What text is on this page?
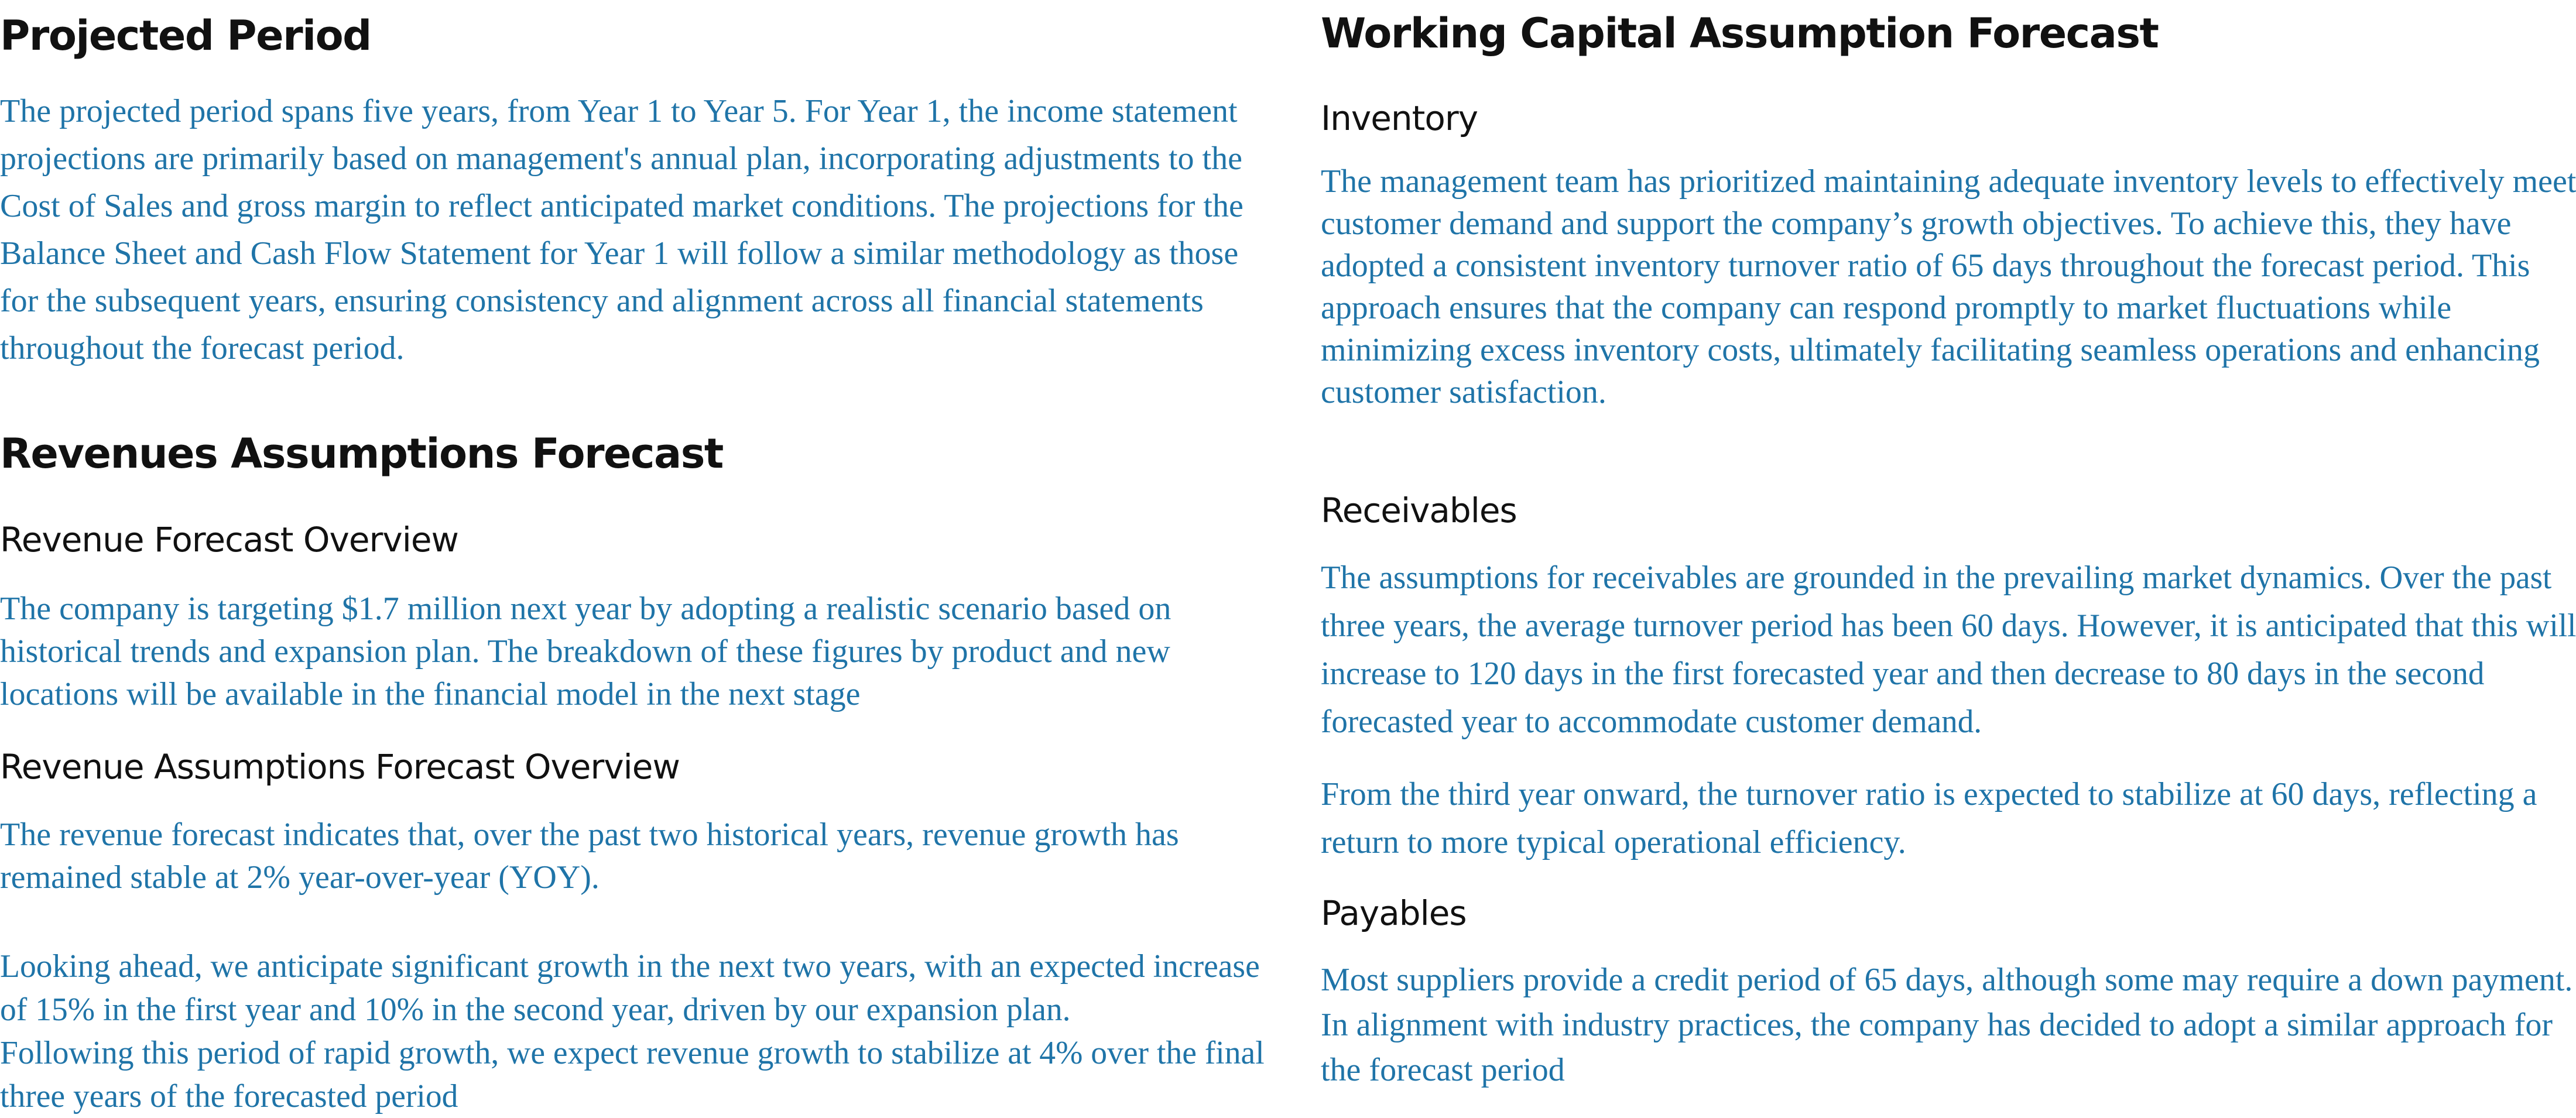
Projected Period
The projected period spans five years, from Year 1 to Year 5. For Year 1, the income statement
projections are primarily based on management's annual plan, incorporating adjustments to the
Cost of Sales and gross margin to reflect anticipated market conditions. The projections for the
Balance Sheet and Cash Flow Statement for Year 1 will follow a similar methodology as those
for the subsequent years, ensuring consistency and alignment across all financial statements
throughout the forecast period.
Revenues Assumptions Forecast
Revenue Forecast Overview
The company is targeting $1.7 million next year by adopting a realistic scenario based on
historical trends and expansion plan. The breakdown of these figures by product and new
locations will be available in the financial model in the next stage
Revenue Assumptions Forecast Overview
The revenue forecast indicates that, over the past two historical years, revenue growth has
remained stable at 2% year-over-year (YOY).
Looking ahead, we anticipate significant growth in the next two years, with an expected increase
of 15% in the first year and 10% in the second year, driven by our expansion plan.
Following this period of rapid growth, we expect revenue growth to stabilize at 4% over the final
three years of the forecasted period
Working Capital Assumption Forecast
Inventory
The management team has prioritized maintaining adequate inventory levels to effectively meet
customer demand and support the company’s growth objectives. To achieve this, they have
adopted a consistent inventory turnover ratio of 65 days throughout the forecast period. This
approach ensures that the company can respond promptly to market fluctuations while
minimizing excess inventory costs, ultimately facilitating seamless operations and enhancing
customer satisfaction.
Receivables
The assumptions for receivables are grounded in the prevailing market dynamics. Over the past
three years, the average turnover period has been 60 days. However, it is anticipated that this will
increase to 120 days in the first forecasted year and then decrease to 80 days in the second
forecasted year to accommodate customer demand.
From the third year onward, the turnover ratio is expected to stabilize at 60 days, reflecting a
return to more typical operational efficiency.
Payables
Most suppliers provide a credit period of 65 days, although some may require a down payment.
In alignment with industry practices, the company has decided to adopt a similar approach for
the forecast period
